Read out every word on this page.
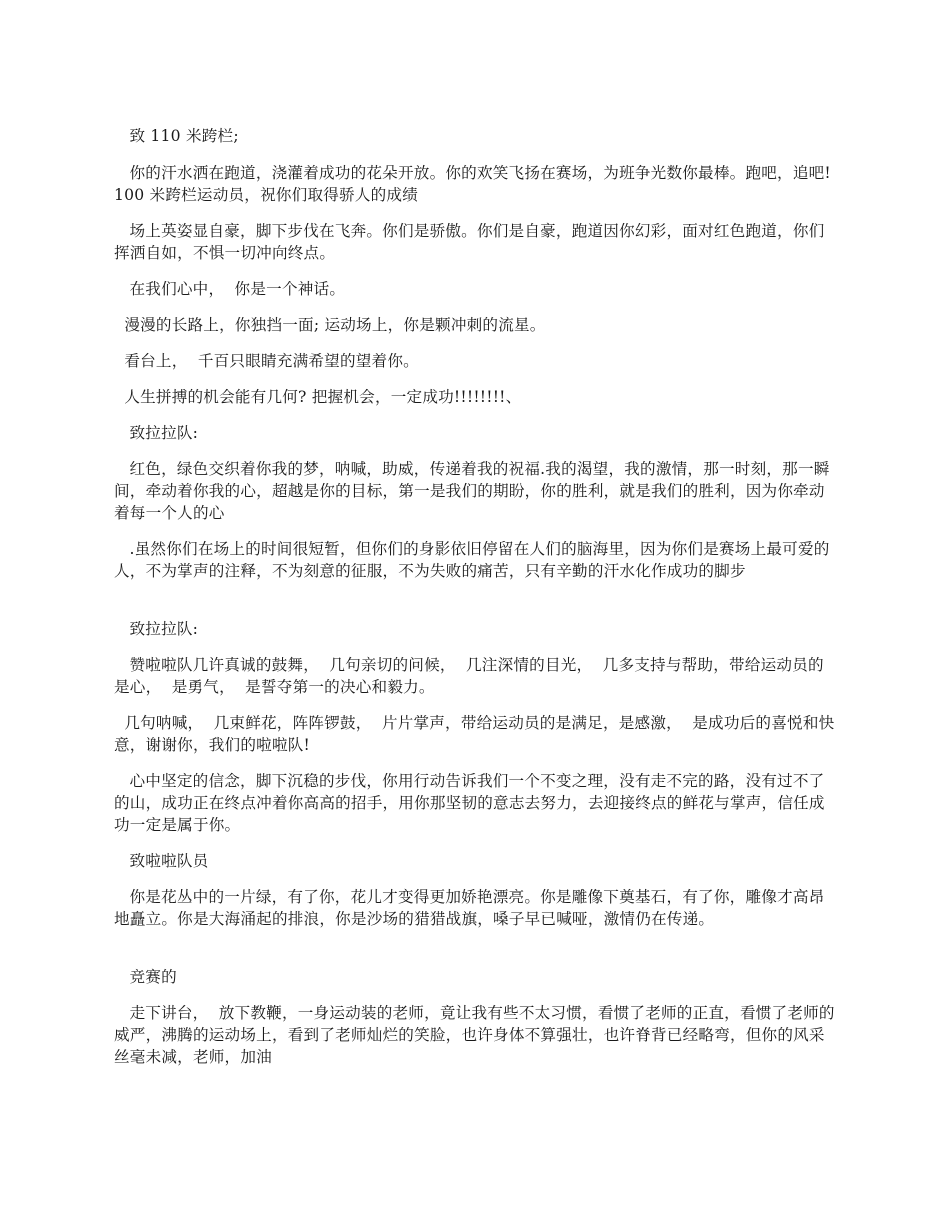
致 110 米跨栏;

你的汗水洒在跑道，浇灌着成功的花朵开放。你的欢笑飞扬在赛场，为班争光数你最棒。跑吧，追吧!100 米跨栏运动员，祝你们取得骄人的成绩

场上英姿显自豪，脚下步伐在飞奔。你们是骄傲。你们是自豪，跑道因你幻彩，面对红色跑道，你们挥洒自如，不惧一切冲向终点。

在我们心中，  你是一个神话。

漫漫的长路上，你独挡一面; 运动场上，你是颗冲刺的流星。

看台上，  千百只眼睛充满希望的望着你。

人生拼搏的机会能有几何? 把握机会，一定成功!!!!!!!!、

致拉拉队:

红色，绿色交织着你我的梦，呐喊，助威，传递着我的祝福.我的渴望，我的激情，那一时刻，那一瞬间，牵动着你我的心，超越是你的目标，第一是我们的期盼，你的胜利，就是我们的胜利，因为你牵动着每一个人的心

.虽然你们在场上的时间很短暂，但你们的身影依旧停留在人们的脑海里，因为你们是赛场上最可爱的人，不为掌声的注释，不为刻意的征服，不为失败的痛苦，只有辛勤的汗水化作成功的脚步

致拉拉队:

赞啦啦队几许真诚的鼓舞，  几句亲切的问候，  几注深情的目光，  几多支持与帮助，带给运动员的是心，  是勇气，  是誓夺第一的决心和毅力。

几句呐喊，  几束鲜花，阵阵锣鼓，  片片掌声，带给运动员的是满足，是感激，  是成功后的喜悦和快意，谢谢你，我们的啦啦队!

心中坚定的信念，脚下沉稳的步伐，你用行动告诉我们一个不变之理，没有走不完的路，没有过不了的山，成功正在终点冲着你高高的招手，用你那坚韧的意志去努力，去迎接终点的鲜花与掌声，信任成功一定是属于你。

致啦啦队员

你是花丛中的一片绿，有了你，花儿才变得更加娇艳漂亮。你是雕像下奠基石，有了你，雕像才高昂地矗立。你是大海涌起的排浪，你是沙场的猎猎战旗，嗓子早已喊哑，激情仍在传递。

竞赛的

走下讲台，  放下教鞭，一身运动装的老师，竟让我有些不太习惯，看惯了老师的正直，看惯了老师的威严，沸腾的运动场上，看到了老师灿烂的笑脸，也许身体不算强壮，也许脊背已经略弯，但你的风采丝毫未减，老师，加油
